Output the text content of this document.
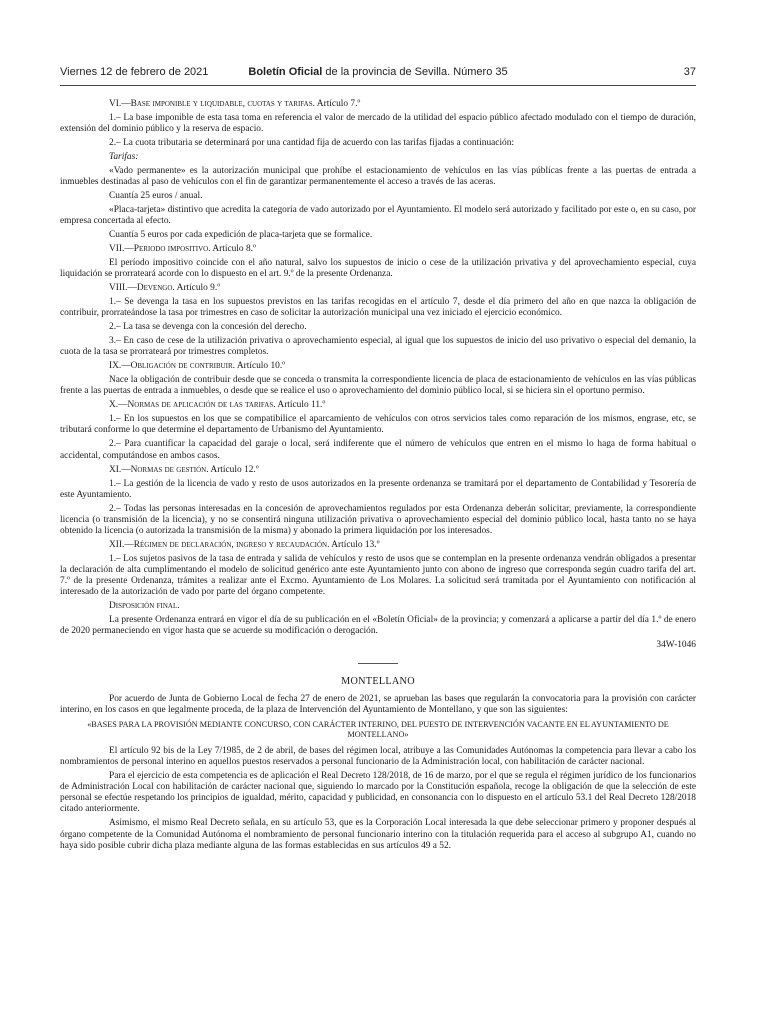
Viernes 12 de febrero de 2021	Boletín Oficial de la provincia de Sevilla. Número 35	37

VI.—Base imponible y liquidable, cuotas y tarifas. Artículo 7.º

1.– La base imponible de esta tasa toma en referencia el valor de mercado de la utilidad del espacio público afectado modulado con el tiempo de duración, extensión del dominio público y la reserva de espacio.

2.– La cuota tributaria se determinará por una cantidad fija de acuerdo con las tarifas fijadas a continuación:

Tarifas:

«Vado permanente» es la autorización municipal que prohíbe el estacionamiento de vehículos en las vías públicas frente a las puertas de entrada a inmuebles destinadas al paso de vehículos con el fin de garantizar permanentemente el acceso a través de las aceras.

Cuantía 25 euros / anual.

«Placa-tarjeta» distintivo que acredita la categoría de vado autorizado por el Ayuntamiento. El modelo será autorizado y facilitado por este o, en su caso, por empresa concertada al efecto.

Cuantía 5 euros por cada expedición de placa-tarjeta que se formalice.

VII.—Periodo impositivo. Artículo 8.º

El período impositivo coincide con el año natural, salvo los supuestos de inicio o cese de la utilización privativa y del aprovechamiento especial, cuya liquidación se prorrateará acorde con lo dispuesto en el art. 9.º de la presente Ordenanza.

VIII.—Devengo. Artículo 9.º

1.– Se devenga la tasa en los supuestos previstos en las tarifas recogidas en el artículo 7, desde el día primero del año en que nazca la obligación de contribuir, prorrateándose la tasa por trimestres en caso de solicitar la autorización municipal una vez iniciado el ejercicio económico.

2.– La tasa se devenga con la concesión del derecho.

3.– En caso de cese de la utilización privativa o aprovechamiento especial, al igual que los supuestos de inicio del uso privativo o especial del demanio, la cuota de la tasa se prorrateará por trimestres completos.

IX.—Obligación de contribuir. Artículo 10.º

Nace la obligación de contribuir desde que se conceda o transmita la correspondiente licencia de placa de estacionamiento de vehículos en las vías públicas frente a las puertas de entrada a inmuebles, o desde que se realice el uso o aprovechamiento del dominio público local, si se hiciera sin el oportuno permiso.

X.—Normas de aplicación de las tarifas. Artículo 11.º

1.– En los supuestos en los que se compatibilice el aparcamiento de vehículos con otros servicios tales como reparación de los mismos, engrase, etc, se tributará conforme lo que determine el departamento de Urbanismo del Ayuntamiento.

2.– Para cuantificar la capacidad del garaje o local, será indiferente que el número de vehículos que entren en el mismo lo haga de forma habitual o accidental, computándose en ambos casos.

XI.—Normas de gestión. Artículo 12.º

1.– La gestión de la licencia de vado y resto de usos autorizados en la presente ordenanza se tramitará por el departamento de Contabilidad y Tesorería de este Ayuntamiento.

2.– Todas las personas interesadas en la concesión de aprovechamientos regulados por esta Ordenanza deberán solicitar, previamente, la correspondiente licencia (o transmisión de la licencia), y no se consentirá ninguna utilización privativa o aprovechamiento especial del dominio público local, hasta tanto no se haya obtenido la licencia (o autorizada la transmisión de la misma) y abonado la primera liquidación por los interesados.

XII.—Régimen de declaración, ingreso y recaudación. Artículo 13.º

1.– Los sujetos pasivos de la tasa de entrada y salida de vehículos y resto de usos que se contemplan en la presente ordenanza vendrán obligados a presentar la declaración de alta cumplimentando el modelo de solicitud genérico ante este Ayuntamiento junto con abono de ingreso que corresponda según cuadro tarifa del art. 7.º de la presente Ordenanza, trámites a realizar ante el Excmo. Ayuntamiento de Los Molares. La solicitud será tramitada por el Ayuntamiento con notificación al interesado de la autorización de vado por parte del órgano competente.

Disposición final.

La presente Ordenanza entrará en vigor el día de su publicación en el «Boletín Oficial» de la provincia; y comenzará a aplicarse a partir del día 1.º de enero de 2020 permaneciendo en vigor hasta que se acuerde su modificación o derogación.

34W-1046

MONTELLANO

Por acuerdo de Junta de Gobierno Local de fecha 27 de enero de 2021, se aprueban las bases que regularán la convocatoria para la provisión con carácter interino, en los casos en que legalmente proceda, de la plaza de Intervención del Ayuntamiento de Montellano, y que son las siguientes:

«BASES PARA LA PROVISIÓN MEDIANTE CONCURSO, CON CARÁCTER INTERINO, DEL PUESTO DE INTERVENCIÓN VACANTE EN EL AYUNTAMIENTO DE MONTELLANO»

El artículo 92 bis de la Ley 7/1985, de 2 de abril, de bases del régimen local, atribuye a las Comunidades Autónomas la competencia para llevar a cabo los nombramientos de personal interino en aquellos puestos reservados a personal funcionario de la Administración local, con habilitación de carácter nacional.

Para el ejercicio de esta competencia es de aplicación el Real Decreto 128/2018, de 16 de marzo, por el que se regula el régimen jurídico de los funcionarios de Administración Local con habilitación de carácter nacional que, siguiendo lo marcado por la Constitución española, recoge la obligación de que la selección de este personal se efectúe respetando los principios de igualdad, mérito, capacidad y publicidad, en consonancia con lo dispuesto en el artículo 53.1 del Real Decreto 128/2018 citado anteriormente.

Asimismo, el mismo Real Decreto señala, en su artículo 53, que es la Corporación Local interesada la que debe seleccionar primero y proponer después al órgano competente de la Comunidad Autónoma el nombramiento de personal funcionario interino con la titulación requerida para el acceso al subgrupo A1, cuando no haya sido posible cubrir dicha plaza mediante alguna de las formas establecidas en sus artículos 49 a 52.
